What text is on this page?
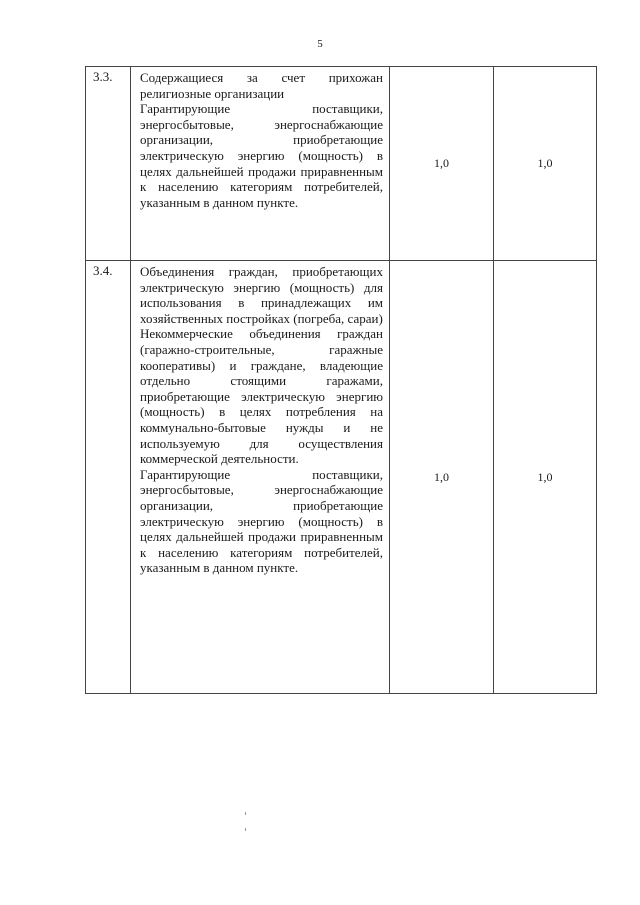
5
3.3.	Содержащиеся за счет прихожан религиозные организации

Гарантирующие поставщики, энергосбытовые, энергоснабжающие организации, приобретающие электрическую энергию (мощность) в целях дальнейшей продажи приравненным к населению категориям потребителей, указанным в данном пункте.	1,0	1,0
3.4.	Объединения граждан, приобретающих электрическую энергию (мощность) для использования в принадлежащих им хозяйственных постройках (погреба, сараи)

Некоммерческие объединения граждан (гаражно-строительные, гаражные кооперативы) и граждане, владеющие отдельно стоящими гаражами, приобретающие электрическую энергию (мощность) в целях потребления на коммунально-бытовые нужды и не используемую для осуществления коммерческой деятельности.

Гарантирующие поставщики, энергосбытовые, энергоснабжающие организации, приобретающие электрическую энергию (мощность) в целях дальнейшей продажи приравненным к населению категориям потребителей, указанным в данном пункте.	1,0	1,0
